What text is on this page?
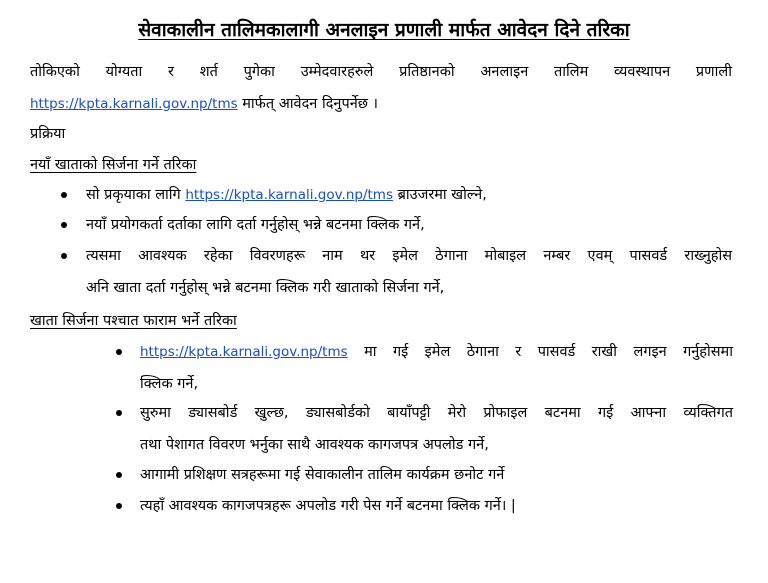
सेवाकालीन तालिमकालागी अनलाइन प्रणाली मार्फत आवेदन दिने तरिका
तोकिएको योग्यता र शर्त पुगेका उम्मेदवारहरुले प्रतिष्ठानको अनलाइन तालिम व्यवस्थापन प्रणाली
https://kpta.karnali.gov.np/tms मार्फत् आवेदन दिनुपर्नेछ ।
प्रक्रिया
नयाँ खाताको सिर्जना गर्ने तरिका
सो प्रकृयाका लागि https://kpta.karnali.gov.np/tms ब्राउजरमा खोल्ने,
नयाँ प्रयोगकर्ता दर्ताका लागि दर्ता गर्नुहोस् भन्ने बटनमा क्लिक गर्ने,
त्यसमा आवश्यक रहेका विवरणहरू नाम थर इमेल ठेगाना मोबाइल नम्बर एवम् पासवर्ड राख्नुहोस
अनि खाता दर्ता गर्नुहोस् भन्ने बटनमा क्लिक गरी खाताको सिर्जना गर्ने,
खाता सिर्जना पश्चात फाराम भर्ने तरिका
https://kpta.karnali.gov.np/tms मा गई इमेल ठेगाना र पासवर्ड राखी लगइन गर्नुहोसमा
क्लिक गर्ने,
सुरुमा ड्यासबोर्ड खुल्छ, ड्यासबोर्डको बायाँपट्टी मेरो प्रोफाइल बटनमा गई आफ्ना व्यक्तिगत
तथा पेशागत विवरण भर्नुका साथै आवश्यक कागजपत्र अपलोड गर्ने,
आगामी प्रशिक्षण सत्रहरूमा गई सेवाकालीन तालिम कार्यक्रम छनोट गर्ने
त्यहाँ आवश्यक कागजपत्रहरू अपलोड गरी पेस गर्ने बटनमा क्लिक गर्ने। |
